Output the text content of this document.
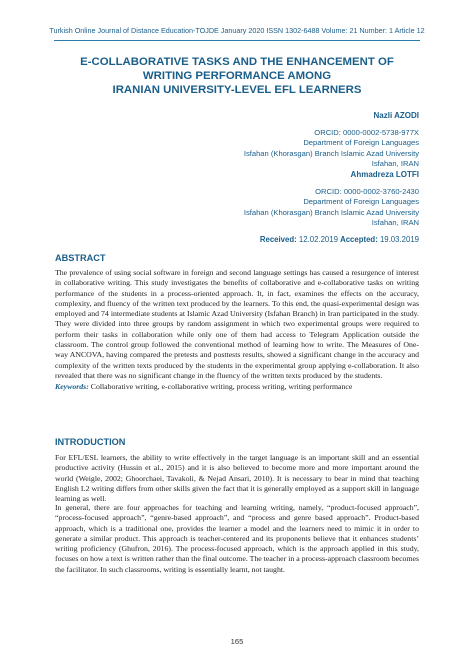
Turkish Online Journal of Distance Education-TOJDE January 2020 ISSN 1302-6488 Volume: 21 Number: 1 Article 12
E-COLLABORATIVE TASKS AND THE ENHANCEMENT OF
WRITING PERFORMANCE AMONG
IRANIAN UNIVERSITY-LEVEL EFL LEARNERS
Nazli AZODI
ORCID: 0000-0002-5738-977X
Department of Foreign Languages
Isfahan (Khorasgan) Branch Islamic Azad University
Isfahan, IRAN
Ahmadreza LOTFI
ORCID: 0000-0002-3760-2430
Department of Foreign Languages
Isfahan (Khorasgan) Branch Islamic Azad University
Isfahan, IRAN
Received: 12.02.2019 Accepted: 19.03.2019
ABSTRACT

The prevalence of using social software in foreign and second language settings has caused a resurgence of interest in collaborative writing. This study investigates the benefits of collaborative and e-collaborative tasks on writing performance of the students in a process-oriented approach. It, in fact, examines the effects on the accuracy, complexity, and fluency of the written text produced by the learners. To this end, the quasi-experimental design was employed and 74 intermediate students at Islamic Azad University (Isfahan Branch) in Iran participated in the study. They were divided into three groups by random assignment in which two experimental groups were required to perform their tasks in collaboration while only one of them had access to Telegram Application outside the classroom. The control group followed the conventional method of learning how to write. The Measures of One-way ANCOVA, having compared the pretests and posttests results, showed a significant change in the accuracy and complexity of the written texts produced by the students in the experimental group applying e-collaboration. It also revealed that there was no significant change in the fluency of the written texts produced by the students.

Keywords: Collaborative writing, e-collaborative writing, process writing, writing performance
INTRODUCTION

For EFL/ESL learners, the ability to write effectively in the target language is an important skill and an essential productive activity (Hussin et al., 2015) and it is also believed to become more and more important around the world (Weigle, 2002; Ghoorchaei, Tavakoli, & Nejad Ansari, 2010). It is necessary to bear in mind that teaching English L2 writing differs from other skills given the fact that it is generally employed as a support skill in language learning as well.

In general, there are four approaches for teaching and learning writing, namely, “product-focused approach”, “process-focused approach”, “genre-based approach”, and “process and genre based approach”. Product-based approach, which is a traditional one, provides the learner a model and the learners need to mimic it in order to generate a similar product. This approach is teacher-centered and its proponents believe that it enhances students’ writing proficiency (Ghufron, 2016). The process-focused approach, which is the approach applied in this study, focuses on how a text is written rather than the final outcome. The teacher in a process-approach classroom becomes the facilitator. In such classrooms, writing is essentially learnt, not taught.

165
